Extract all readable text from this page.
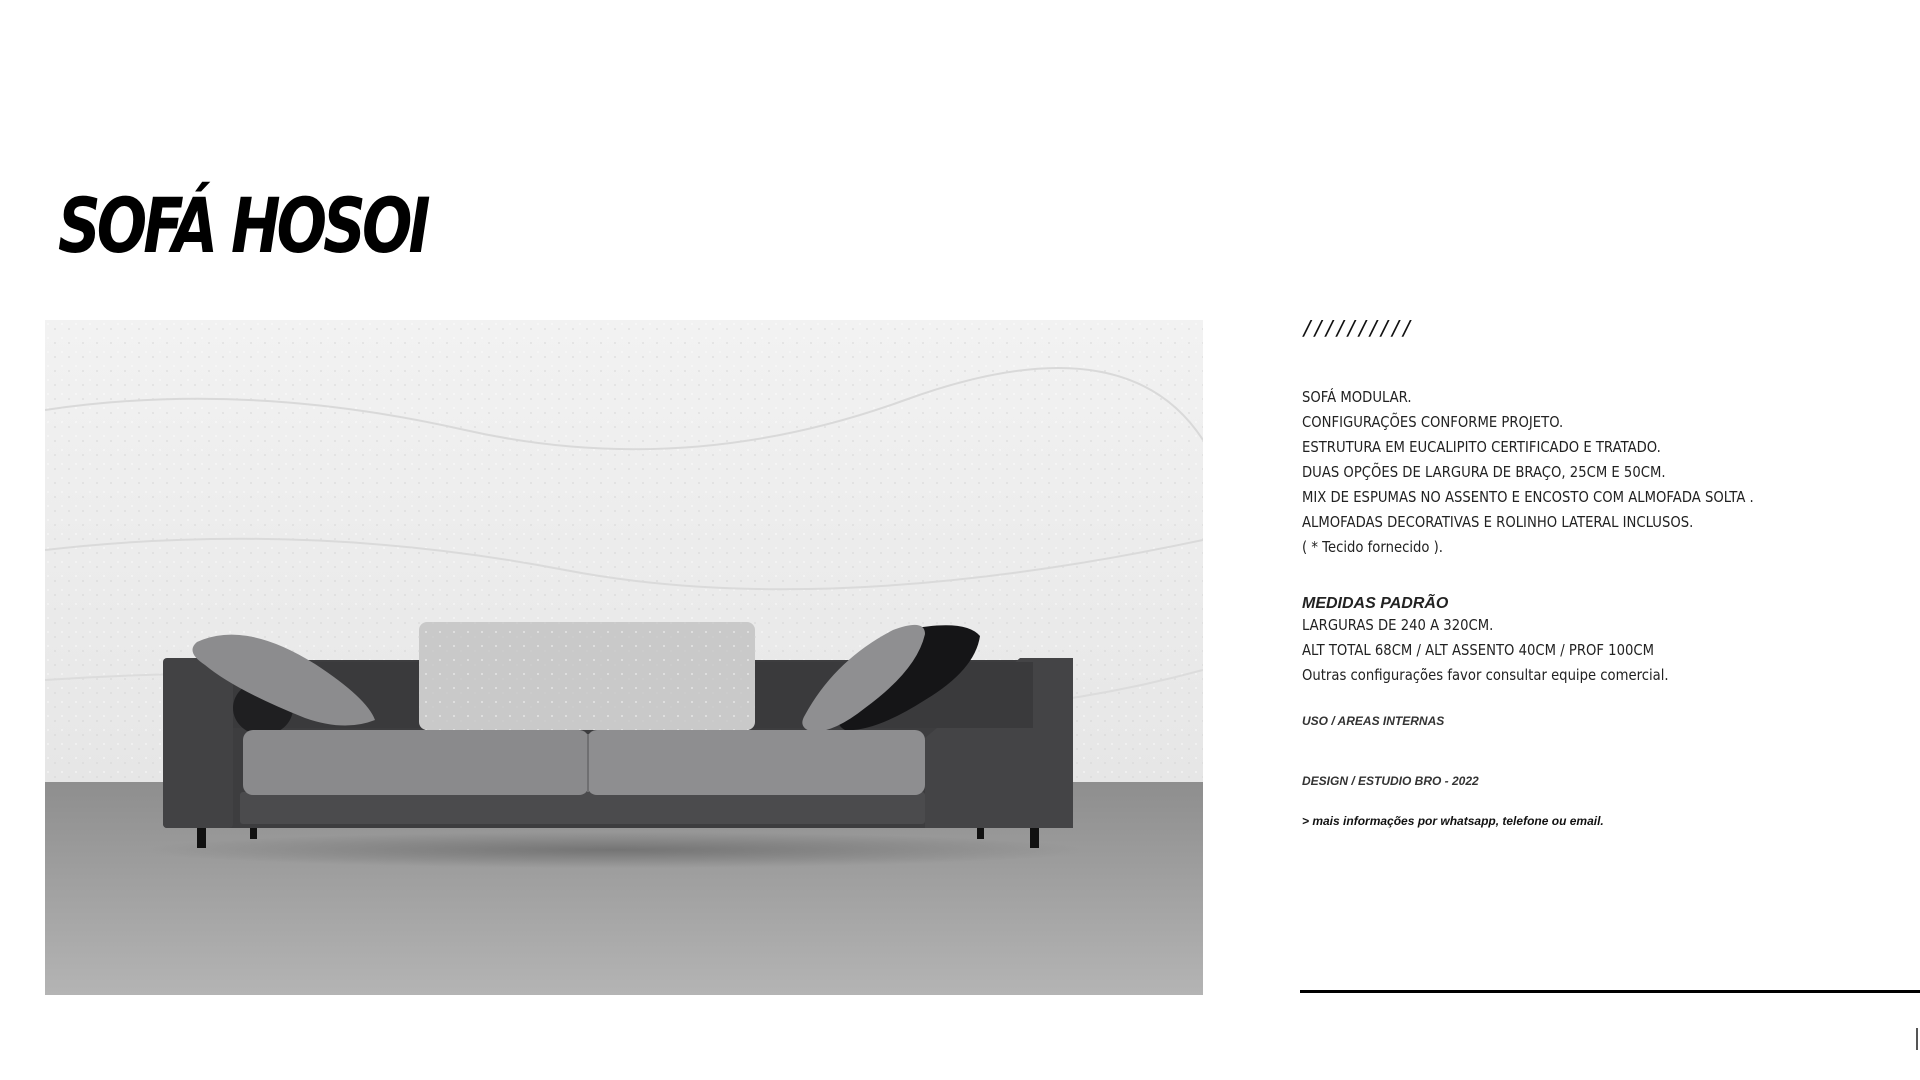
SOFÁ HOSOI

//////////

SOFÁ MODULAR.
CONFIGURAÇÕES CONFORME PROJETO.
ESTRUTURA EM EUCALIPITO CERTIFICADO E TRATADO.
DUAS OPÇÕES DE LARGURA DE BRAÇO, 25CM E 50CM.
MIX DE ESPUMAS NO ASSENTO E ENCOSTO COM ALMOFADA SOLTA .
ALMOFADAS DECORATIVAS E ROLINHO LATERAL INCLUSOS.
( * Tecido fornecido ).
MEDIDAS PADRÃO
LARGURAS DE 240 A 320CM.
ALT TOTAL 68CM / ALT ASSENTO 40CM / PROF 100CM
Outras configurações favor consultar equipe comercial.
USO / AREAS INTERNAS
DESIGN / ESTUDIO BRO - 2022
> mais informações por whatsapp, telefone ou email.
